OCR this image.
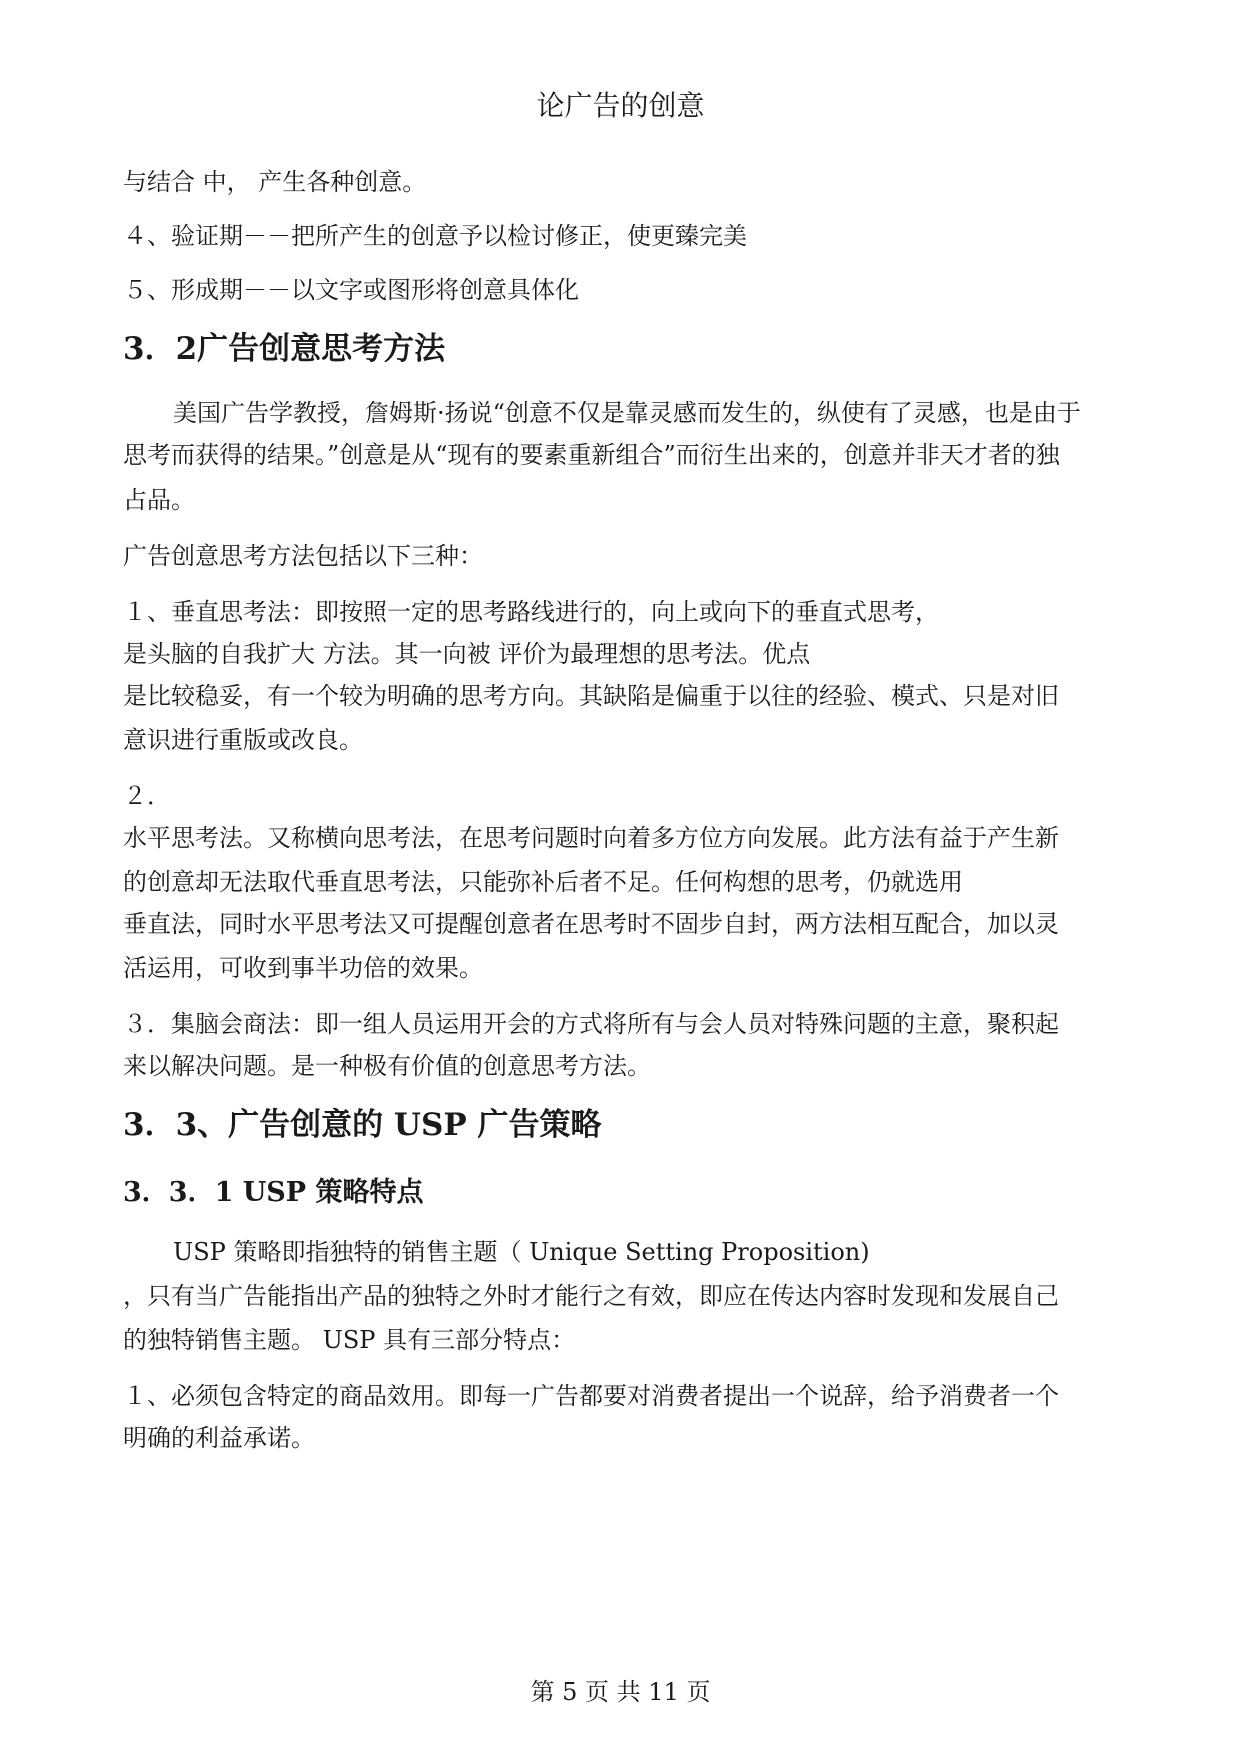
论广告的创意
与结合 中， 产生各种创意。
４、验证期－－把所产生的创意予以检讨修正，使更臻完美
５、形成期－－以文字或图形将创意具体化
3．2广告创意思考方法
美国广告学教授，詹姆斯·扬说“创意不仅是靠灵感而发生的，纵使有了灵感，也是由于
思考而获得的结果。”创意是从“现有的要素重新组合”而衍生出来的，创意并非天才者的独
占品。
广告创意思考方法包括以下三种：
１、垂直思考法：即按照一定的思考路线进行的，向上或向下的垂直式思考，
是头脑的自我扩大 方法。其一向被 评价为最理想的思考法。优点
是比较稳妥，有一个较为明确的思考方向。其缺陷是偏重于以往的经验、模式、只是对旧
意识进行重版或改良。
２．
水平思考法。又称横向思考法，在思考问题时向着多方位方向发展。此方法有益于产生新
的创意却无法取代垂直思考法，只能弥补后者不足。任何构想的思考，仍就选用
垂直法，同时水平思考法又可提醒创意者在思考时不固步自封，两方法相互配合，加以灵
活运用，可收到事半功倍的效果。
３．集脑会商法：即一组人员运用开会的方式将所有与会人员对特殊问题的主意，聚积起
来以解决问题。是一种极有价值的创意思考方法。
3．3、广告创意的 USP 广告策略
3．3．1 USP 策略特点
USP 策略即指独特的销售主题（ Unique Setting Proposition)
，只有当广告能指出产品的独特之外时才能行之有效，即应在传达内容时发现和发展自己
的独特销售主题。 USP 具有三部分特点：
１、必须包含特定的商品效用。即每一广告都要对消费者提出一个说辞，给予消费者一个
明确的利益承诺。
第 5 页 共 11 页
